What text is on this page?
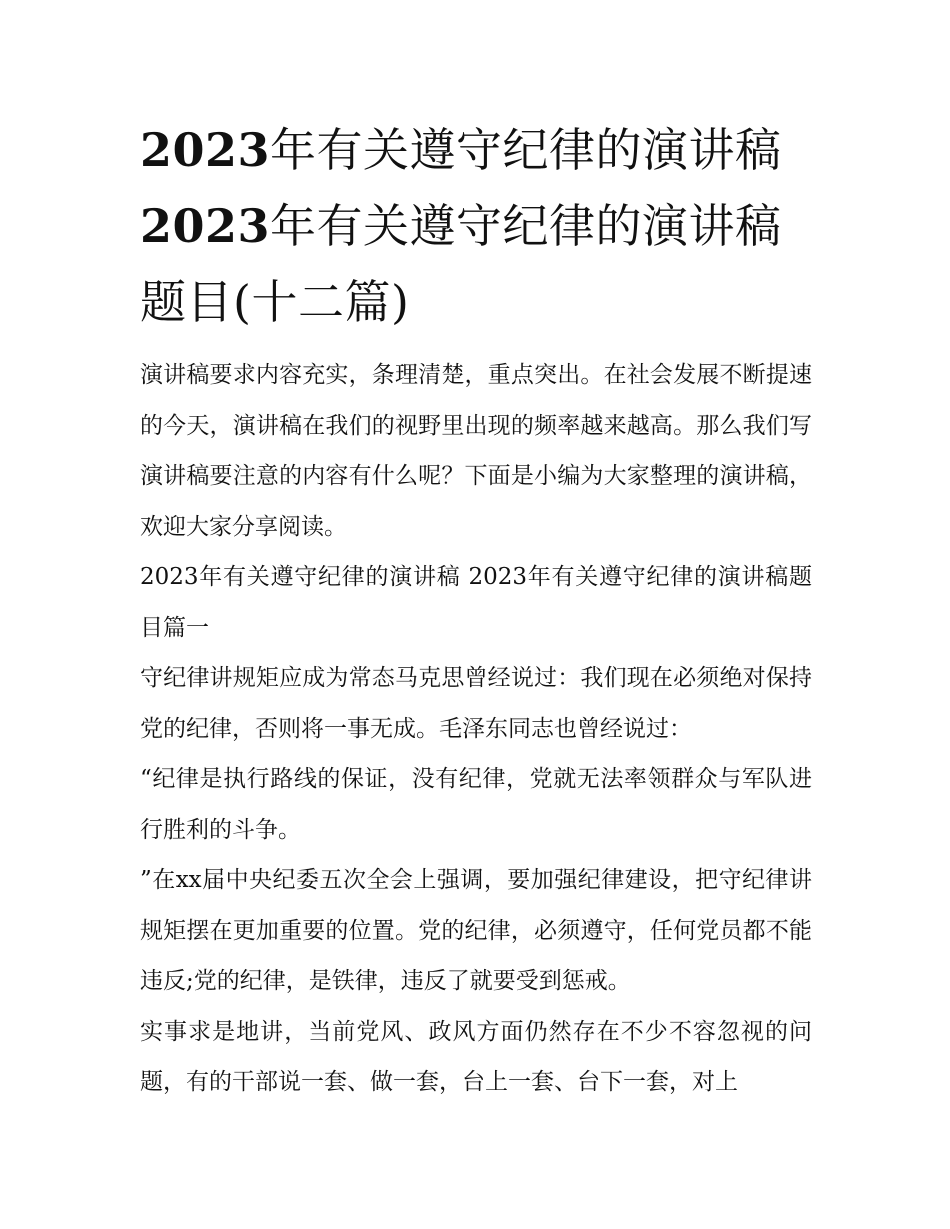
2023年有关遵守纪律的演讲稿
2023年有关遵守纪律的演讲稿
题目(十二篇)

演讲稿要求内容充实，条理清楚，重点突出。在社会发展不断提速的今天，演讲稿在我们的视野里出现的频率越来越高。那么我们写演讲稿要注意的内容有什么呢？下面是小编为大家整理的演讲稿，欢迎大家分享阅读。

2023年有关遵守纪律的演讲稿 2023年有关遵守纪律的演讲稿题目篇一

守纪律讲规矩应成为常态马克思曾经说过：我们现在必须绝对保持党的纪律，否则将一事无成。毛泽东同志也曾经说过：

“纪律是执行路线的保证，没有纪律，党就无法率领群众与军队进行胜利的斗争。

”在xx届中央纪委五次全会上强调，要加强纪律建设，把守纪律讲规矩摆在更加重要的位置。党的纪律，必须遵守，任何党员都不能违反;党的纪律，是铁律，违反了就要受到惩戒。

实事求是地讲，当前党风、政风方面仍然存在不少不容忽视的问题，有的干部说一套、做一套，台上一套、台下一套，对上
